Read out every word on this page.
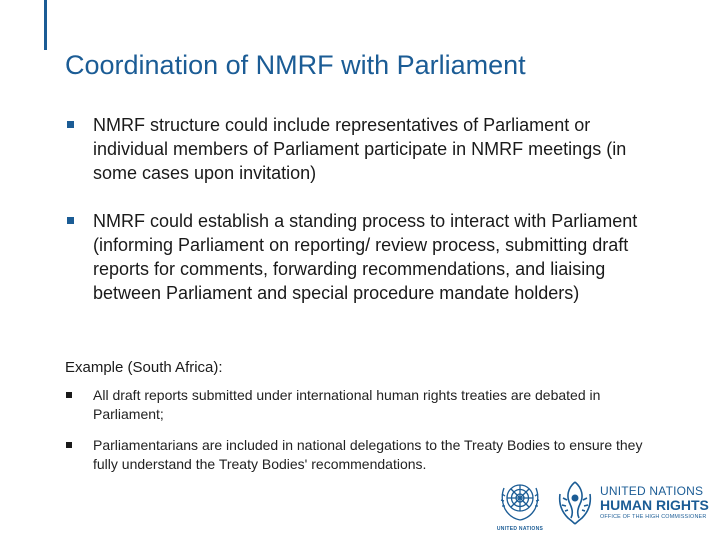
Coordination of NMRF with Parliament
NMRF structure could include representatives of Parliament or individual members of Parliament participate in NMRF meetings (in some cases upon invitation)
NMRF could establish a standing process to interact with Parliament (informing Parliament on reporting/ review process, submitting draft reports for comments, forwarding recommendations, and liaising between Parliament and special procedure mandate holders)
Example (South Africa):
All draft reports submitted under international human rights treaties are debated in Parliament;
Parliamentarians are included in national delegations to the Treaty Bodies to ensure they fully understand the Treaty Bodies' recommendations.
UNITED NATIONS
UNITED NATIONS
HUMAN RIGHTS
OFFICE OF THE HIGH COMMISSIONER
